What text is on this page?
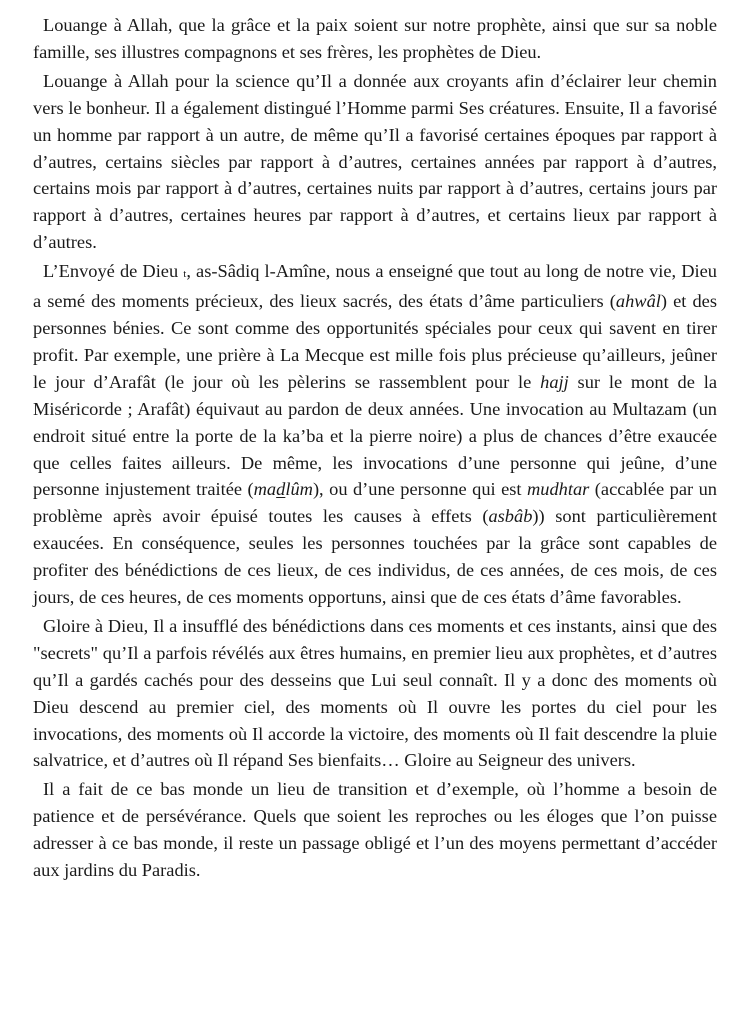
Louange à Allah, que la grâce et la paix soient sur notre prophète, ainsi que sur sa noble famille, ses illustres compagnons et ses frères, les prophètes de Dieu.

Louange à Allah pour la science qu’Il a donnée aux croyants afin d’éclairer leur chemin vers le bonheur. Il a également distingué l’Homme parmi Ses créatures. Ensuite, Il a favorisé un homme par rapport à un autre, de même qu’Il a favorisé certaines époques par rapport à d’autres, certains siècles par rapport à d’autres, certaines années par rapport à d’autres, certains mois par rapport à d’autres, certaines nuits par rapport à d’autres, certains jours par rapport à d’autres, certaines heures par rapport à d’autres, et certains lieux par rapport à d’autres.

L’Envoyé de Dieu t, as-Sâdiq l-Amîne, nous a enseigné que tout au long de notre vie, Dieu a semé des moments précieux, des lieux sacrés, des états d’âme particuliers (ahwâl) et des personnes bénies. Ce sont comme des opportunités spéciales pour ceux qui savent en tirer profit. Par exemple, une prière à La Mecque est mille fois plus précieuse qu’ailleurs, jeûner le jour d’Arafât (le jour où les pèlerins se rassemblent pour le hajj sur le mont de la Miséricorde ; Arafât) équivaut au pardon de deux années. Une invocation au Multazam (un endroit situé entre la porte de la ka’ba et la pierre noire) a plus de chances d’être exaucée que celles faites ailleurs. De même, les invocations d’une personne qui jeûne, d’une personne injustement traitée (madlûm), ou d’une personne qui est mudhtar (accablée par un problème après avoir épuisé toutes les causes à effets (asbâb)) sont particulièrement exaucées. En conséquence, seules les personnes touchées par la grâce sont capables de profiter des bénédictions de ces lieux, de ces individus, de ces années, de ces mois, de ces jours, de ces heures, de ces moments opportuns, ainsi que de ces états d’âme favorables.

Gloire à Dieu, Il a insufflé des bénédictions dans ces moments et ces instants, ainsi que des "secrets" qu’Il a parfois révélés aux êtres humains, en premier lieu aux prophètes, et d’autres qu’Il a gardés cachés pour des desseins que Lui seul connaît. Il y a donc des moments où Dieu descend au premier ciel, des moments où Il ouvre les portes du ciel pour les invocations, des moments où Il accorde la victoire, des moments où Il fait descendre la pluie salvatrice, et d’autres où Il répand Ses bienfaits… Gloire au Seigneur des univers.

Il a fait de ce bas monde un lieu de transition et d’exemple, où l’homme a besoin de patience et de persévérance. Quels que soient les reproches ou les éloges que l’on puisse adresser à ce bas monde, il reste un passage obligé et l’un des moyens permettant d’accéder aux jardins du Paradis.
